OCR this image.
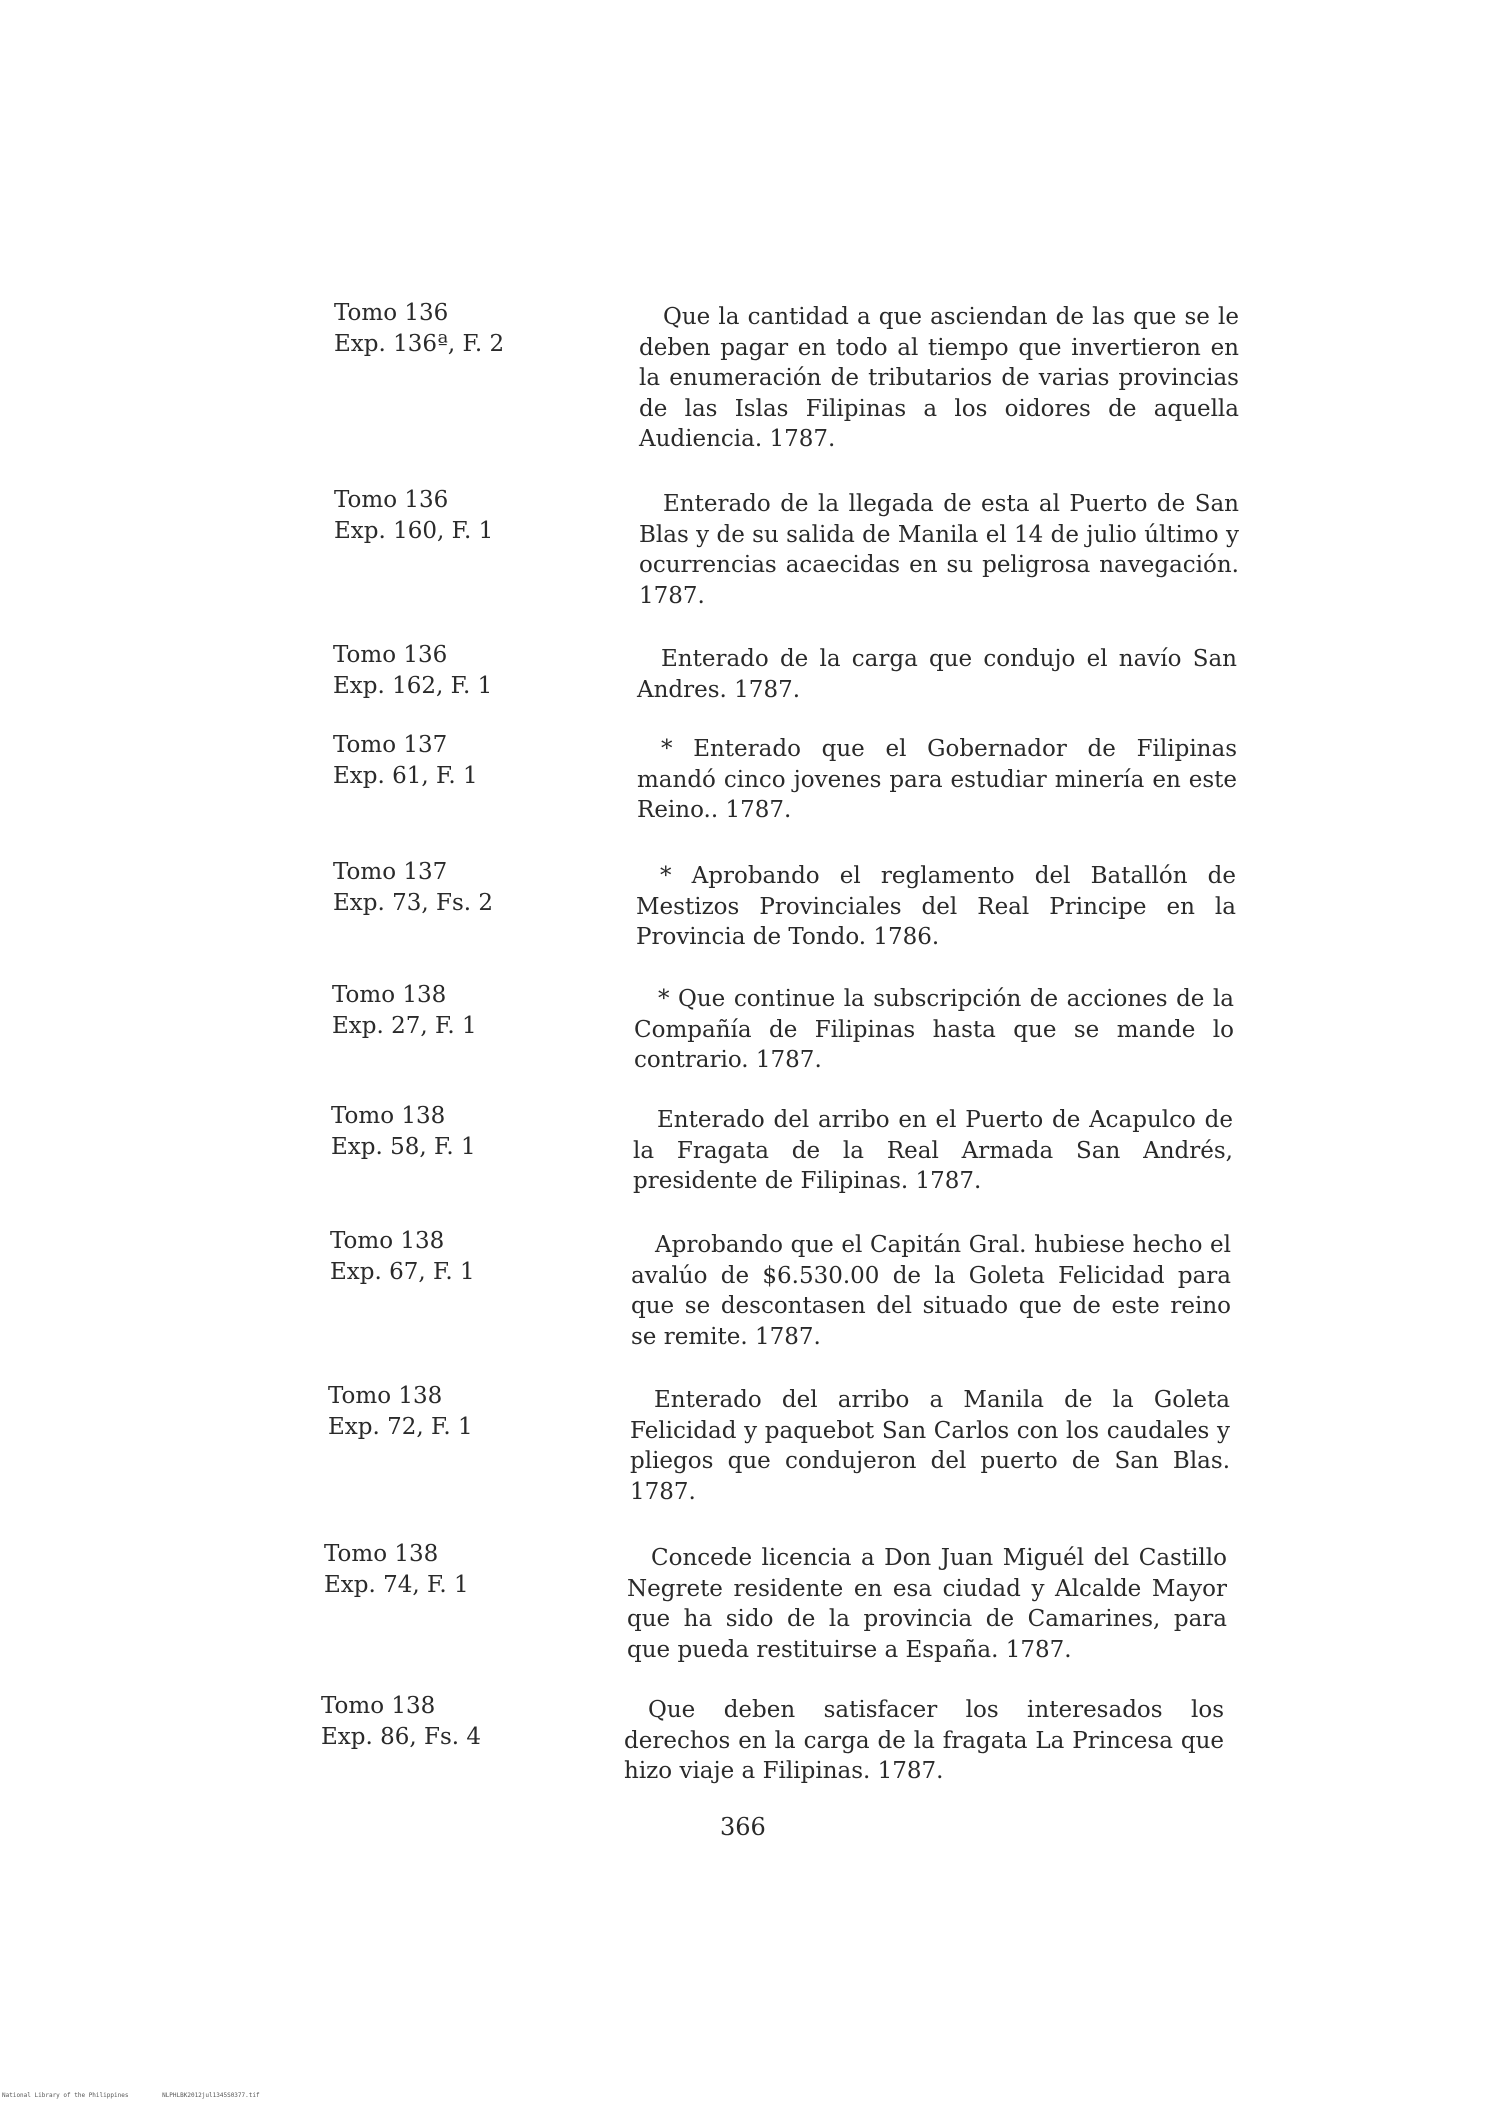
Tomo 136
Exp. 136ª, F. 2
Que la cantidad a que asciendan de las que se le deben pagar en todo al tiempo que invertieron en la enumeración de tributarios de varias provincias de las Islas Filipinas a los oidores de aquella Audiencia. 1787.
Tomo 136
Exp. 160, F. 1
Enterado de la llegada de esta al Puerto de San Blas y de su salida de Manila el 14 de julio último y ocurrencias acaecidas en su peligrosa navegación. 1787.
Tomo 136
Exp. 162, F. 1
Enterado de la carga que condujo el navío San Andres. 1787.
Tomo 137
Exp. 61, F. 1
* Enterado que el Gobernador de Filipinas mandó cinco jovenes para estudiar minería en este Reino.. 1787.
Tomo 137
Exp. 73, Fs. 2
* Aprobando el reglamento del Batallón de Mestizos Provinciales del Real Principe en la Provincia de Tondo. 1786.
Tomo 138
Exp. 27, F. 1
* Que continue la subscripción de acciones de la Compañía de Filipinas hasta que se mande lo contrario. 1787.
Tomo 138
Exp. 58, F. 1
Enterado del arribo en el Puerto de Acapulco de la Fragata de la Real Armada San Andrés, presidente de Filipinas. 1787.
Tomo 138
Exp. 67, F. 1
Aprobando que el Capitán Gral. hubiese hecho el avalúo de $6.530.00 de la Goleta Felicidad para que se descontasen del situado que de este reino se remite. 1787.
Tomo 138
Exp. 72, F. 1
Enterado del arribo a Manila de la Goleta Felicidad y paquebot San Carlos con los caudales y pliegos que condujeron del puerto de San Blas. 1787.
Tomo 138
Exp. 74, F. 1
Concede licencia a Don Juan Miguél del Castillo Negrete residente en esa ciudad y Alcalde Mayor que ha sido de la provincia de Camarines, para que pueda restituirse a España. 1787.
Tomo 138
Exp. 86, Fs. 4
Que deben satisfacer los interesados los derechos en la carga de la fragata La Princesa que hizo viaje a Filipinas. 1787.
366
National Library of the Philippines	NLPHLBK2012jul1345S0377.tif
